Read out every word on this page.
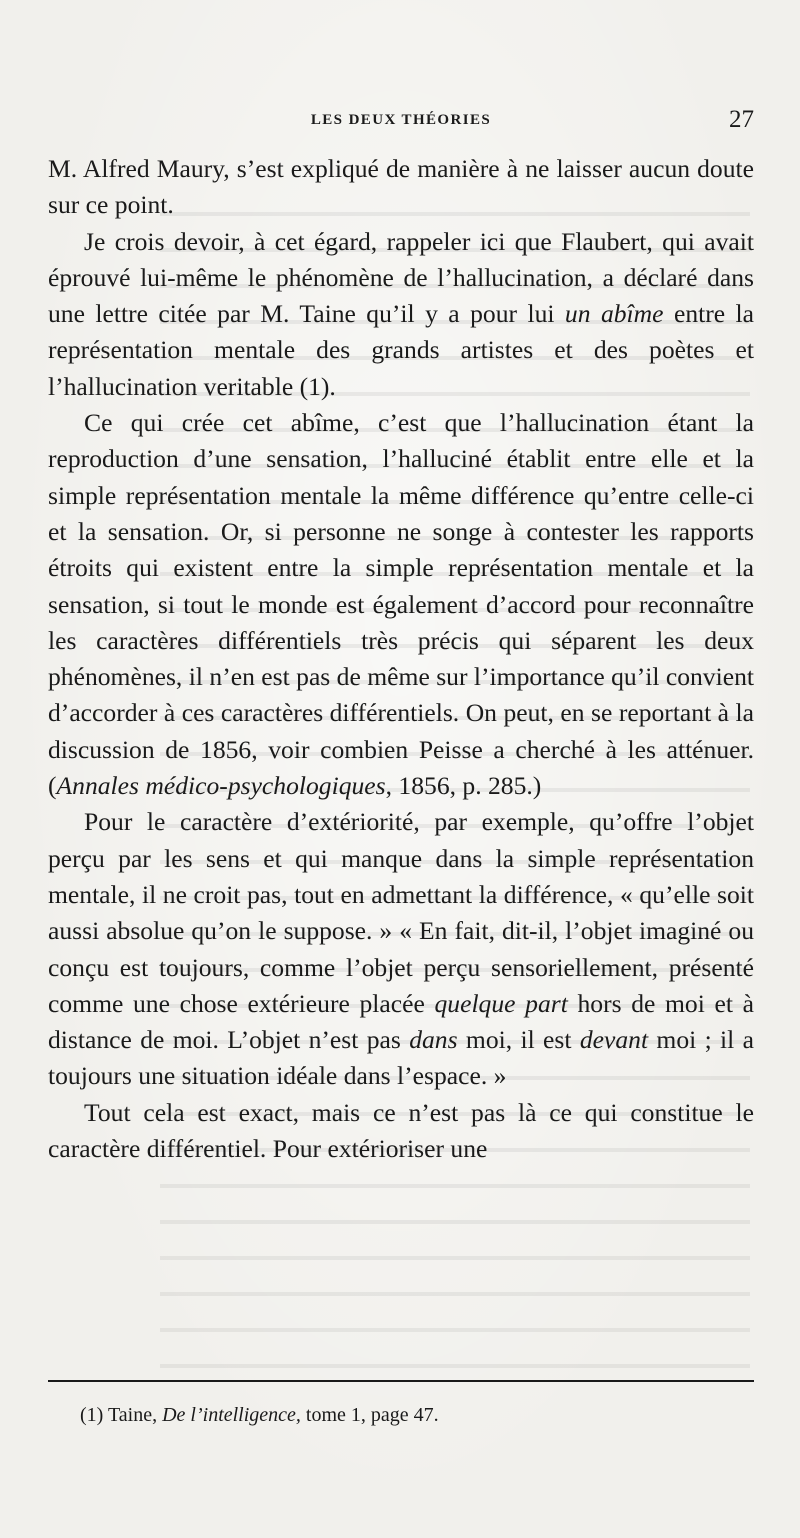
LES DEUX THÉORIES	27

M. Alfred Maury, s’est expliqué de manière à ne laisser aucun doute sur ce point.

Je crois devoir, à cet égard, rappeler ici que Flaubert, qui avait éprouvé lui-même le phénomène de l’hallucination, a déclaré dans une lettre citée par M. Taine qu’il y a pour lui un abîme entre la représentation mentale des grands artistes et des poètes et l’hallucination veritable (1).

Ce qui crée cet abîme, c’est que l’hallucination étant la reproduction d’une sensation, l’halluciné établit entre elle et la simple représentation mentale la même différence qu’entre celle-ci et la sensation. Or, si personne ne songe à contester les rapports étroits qui existent entre la simple représentation mentale et la sensation, si tout le monde est également d’accord pour reconnaître les caractères différentiels très précis qui séparent les deux phénomènes, il n’en est pas de même sur l’importance qu’il convient d’accorder à ces caractères différentiels. On peut, en se reportant à la discussion de 1856, voir combien Peisse a cherché à les atténuer. (Annales médico-psychologiques, 1856, p. 285.)

Pour le caractère d’extériorité, par exemple, qu’offre l’objet perçu par les sens et qui manque dans la simple représentation mentale, il ne croit pas, tout en admettant la différence, « qu’elle soit aussi absolue qu’on le suppose. » « En fait, dit-il, l’objet imaginé ou conçu est toujours, comme l’objet perçu sensoriellement, présenté comme une chose extérieure placée quelque part hors de moi et à distance de moi. L’objet n’est pas dans moi, il est devant moi ; il a toujours une situation idéale dans l’espace. »

Tout cela est exact, mais ce n’est pas là ce qui constitue le caractère différentiel. Pour extérioriser une

(1) Taine, De l’intelligence, tome 1, page 47.
